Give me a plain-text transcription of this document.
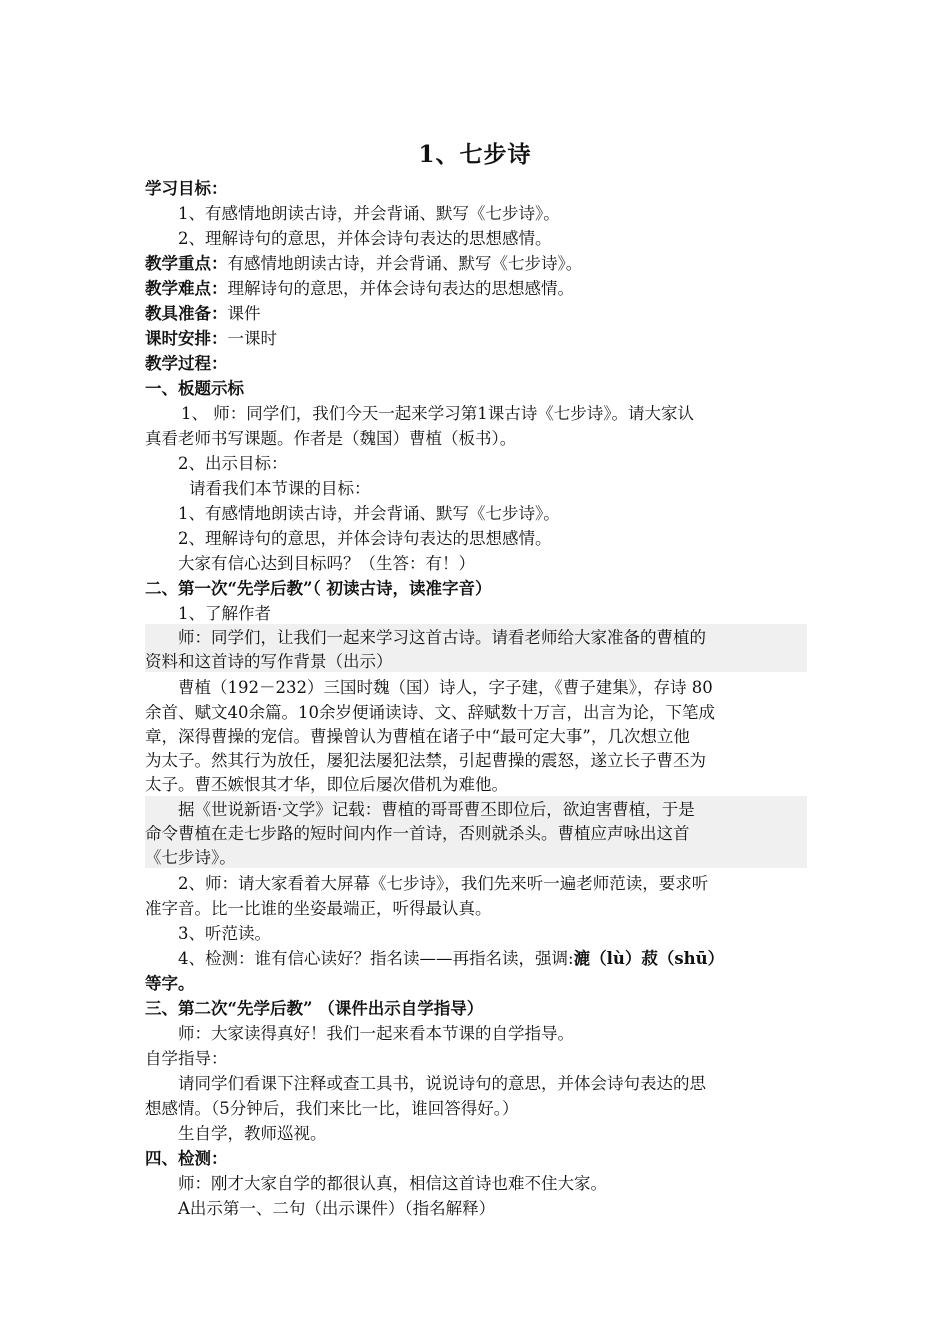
1、七步诗
学习目标：
1、有感情地朗读古诗，并会背诵、默写《七步诗》。
2、理解诗句的意思，并体会诗句表达的思想感情。
教学重点：有感情地朗读古诗，并会背诵、默写《七步诗》。
教学难点：理解诗句的意思，并体会诗句表达的思想感情。
教具准备：课件
课时安排：一课时
教学过程：
一、板题示标
1、 师：同学们，我们今天一起来学习第1课古诗《七步诗》。请大家认
真看老师书写课题。作者是（魏国）曹植（板书）。
2、出示目标：
请看我们本节课的目标：
1、有感情地朗读古诗，并会背诵、默写《七步诗》。
2、理解诗句的意思，并体会诗句表达的思想感情。
大家有信心达到目标吗？（生答：有！）
二、第一次“先学后教”（ 初读古诗，读准字音）
1、了解作者
师：同学们，让我们一起来学习这首古诗。请看老师给大家准备的曹植的
资料和这首诗的写作背景（出示）
曹植（192－232）三国时魏（国）诗人，字子建，《曹子建集》，存诗 80
余首、赋文40余篇。10余岁便诵读诗、文、辞赋数十万言，出言为论，下笔成
章，深得曹操的宠信。曹操曾认为曹植在诸子中“最可定大事”，几次想立他
为太子。然其行为放任，屡犯法屡犯法禁，引起曹操的震怒，遂立长子曹丕为
太子。曹丕嫉恨其才华，即位后屡次借机为难他。
据《世说新语·文学》记载：曹植的哥哥曹丕即位后，欲迫害曹植，于是
命令曹植在走七步路的短时间内作一首诗，否则就杀头。曹植应声咏出这首
《七步诗》。
2、师：请大家看着大屏幕《七步诗》，我们先来听一遍老师范读，要求听
准字音。比一比谁的坐姿最端正，听得最认真。
3、听范读。
4、检测：谁有信心读好？指名读——再指名读，强调:漉（lù）菽（shū）
等字。
三、第二次“先学后教” （课件出示自学指导）
师：大家读得真好！我们一起来看本节课的自学指导。
自学指导：
请同学们看课下注释或查工具书，说说诗句的意思，并体会诗句表达的思
想感情。（5分钟后，我们来比一比，谁回答得好。）
生自学，教师巡视。
四、检测：
师：刚才大家自学的都很认真，相信这首诗也难不住大家。
A出示第一、二句（出示课件）（指名解释）
